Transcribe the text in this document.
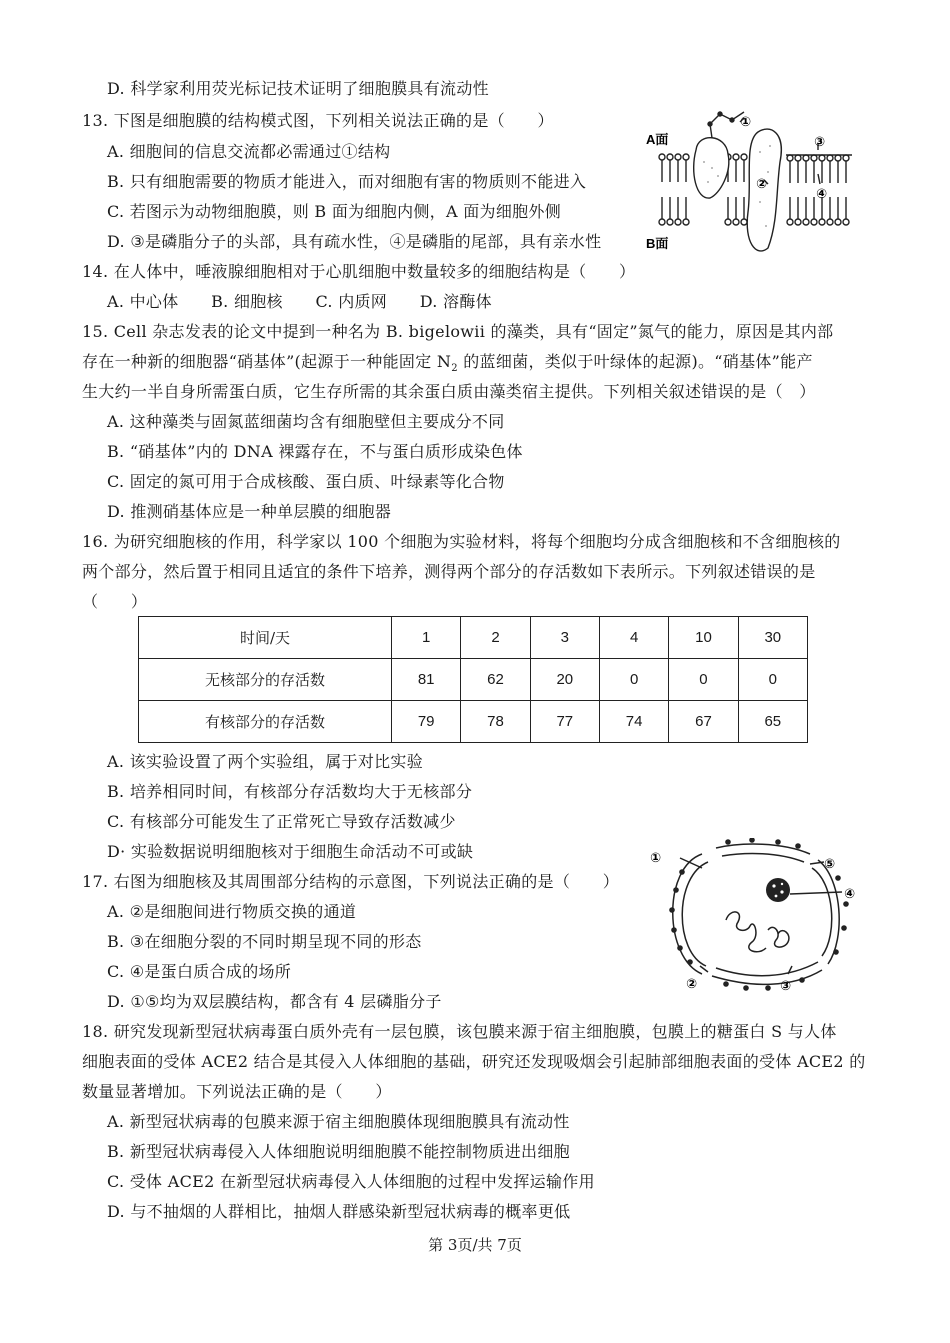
D. 科学家利用荧光标记技术证明了细胞膜具有流动性
13. 下图是细胞膜的结构模式图，下列相关说法正确的是（　　）
A. 细胞间的信息交流都必需通过①结构
B. 只有细胞需要的物质才能进入，而对细胞有害的物质则不能进入
C. 若图示为动物细胞膜，则 B 面为细胞内侧，A 面为细胞外侧
D. ③是磷脂分子的头部，具有疏水性，④是磷脂的尾部，具有亲水性
A面
B面
①
②
③
④
14. 在人体中，唾液腺细胞相对于心肌细胞中数量较多的细胞结构是（　　）
A. 中心体　　B. 细胞核　　C. 内质网　　D. 溶酶体
15. Cell 杂志发表的论文中提到一种名为 B. bigelowii 的藻类，具有“固定”氮气的能力，原因是其内部
存在一种新的细胞器“硝基体”(起源于一种能固定 $N_2$ 的蓝细菌，类似于叶绿体的起源)。“硝基体”能产
生大约一半自身所需蛋白质，它生存所需的其余蛋白质由藻类宿主提供。下列相关叙述错误的是（　）
A. 这种藻类与固氮蓝细菌均含有细胞壁但主要成分不同
B. “硝基体”内的 DNA 裸露存在，不与蛋白质形成染色体
C. 固定的氮可用于合成核酸、蛋白质、叶绿素等化合物
D. 推测硝基体应是一种单层膜的细胞器
16. 为研究细胞核的作用，科学家以 100 个细胞为实验材料，将每个细胞均分成含细胞核和不含细胞核的
两个部分，然后置于相同且适宜的条件下培养，测得两个部分的存活数如下表所示。下列叙述错误的是
（　　）
时间/天	1	2	3	4	10	30
无核部分的存活数	81	62	20	0	0	0
有核部分的存活数	79	78	77	74	67	65
A. 该实验设置了两个实验组，属于对比实验
B. 培养相同时间，有核部分存活数均大于无核部分
C. 有核部分可能发生了正常死亡导致存活数减少
D· 实验数据说明细胞核对于细胞生命活动不可或缺
17. 右图为细胞核及其周围部分结构的示意图，下列说法正确的是（　　）
A. ②是细胞间进行物质交换的通道
B. ③在细胞分裂的不同时期呈现不同的形态
C. ④是蛋白质合成的场所
D. ①⑤均为双层膜结构，都含有 4 层磷脂分子
①
②	③
④
⑤
18. 研究发现新型冠状病毒蛋白质外壳有一层包膜，该包膜来源于宿主细胞膜，包膜上的糖蛋白 S 与人体
细胞表面的受体 ACE2 结合是其侵入人体细胞的基础，研究还发现吸烟会引起肺部细胞表面的受体 ACE2 的
数量显著增加。下列说法正确的是（　　）
A. 新型冠状病毒的包膜来源于宿主细胞膜体现细胞膜具有流动性
B. 新型冠状病毒侵入人体细胞说明细胞膜不能控制物质进出细胞
C. 受体 ACE2 在新型冠状病毒侵入人体细胞的过程中发挥运输作用
D. 与不抽烟的人群相比，抽烟人群感染新型冠状病毒的概率更低
第 3页/共 7页
